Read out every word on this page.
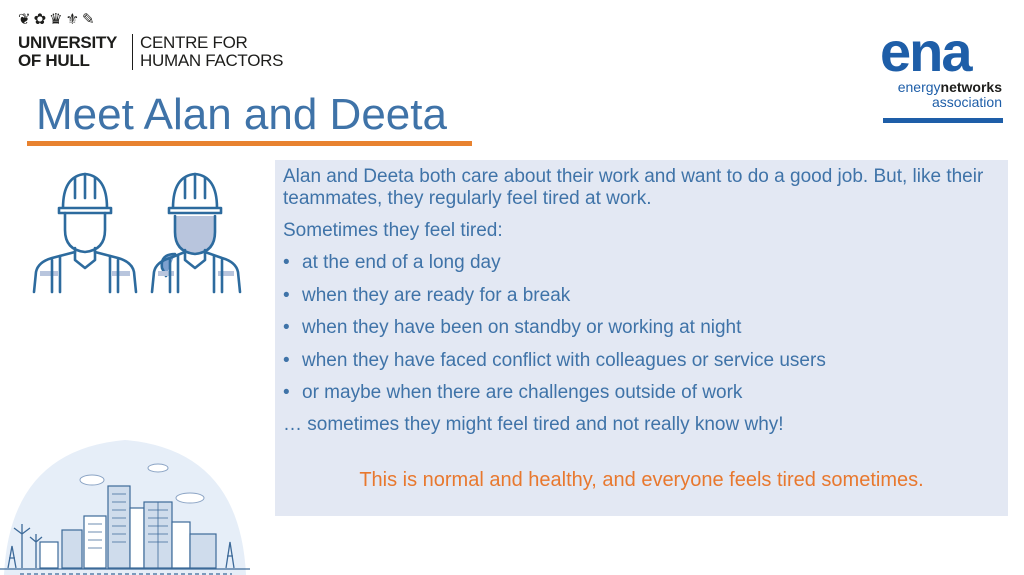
❦✿♛⚜✎
UNIVERSITY
OF HULL
CENTRE FOR
HUMAN FACTORS	ena
energynetworks
association
Meet Alan and Deeta
Alan and Deeta both care about their work and want to do a good job. But, like their teammates, they regularly feel tired at work.
Sometimes they feel tired:
• at the end of a long day
• when they are ready for a break
• when they have been on standby or working at night
• when they have faced conflict with colleagues or service users
• or maybe when there are challenges outside of work
… sometimes they might feel tired and not really know why!
This is normal and healthy, and everyone feels tired sometimes.
